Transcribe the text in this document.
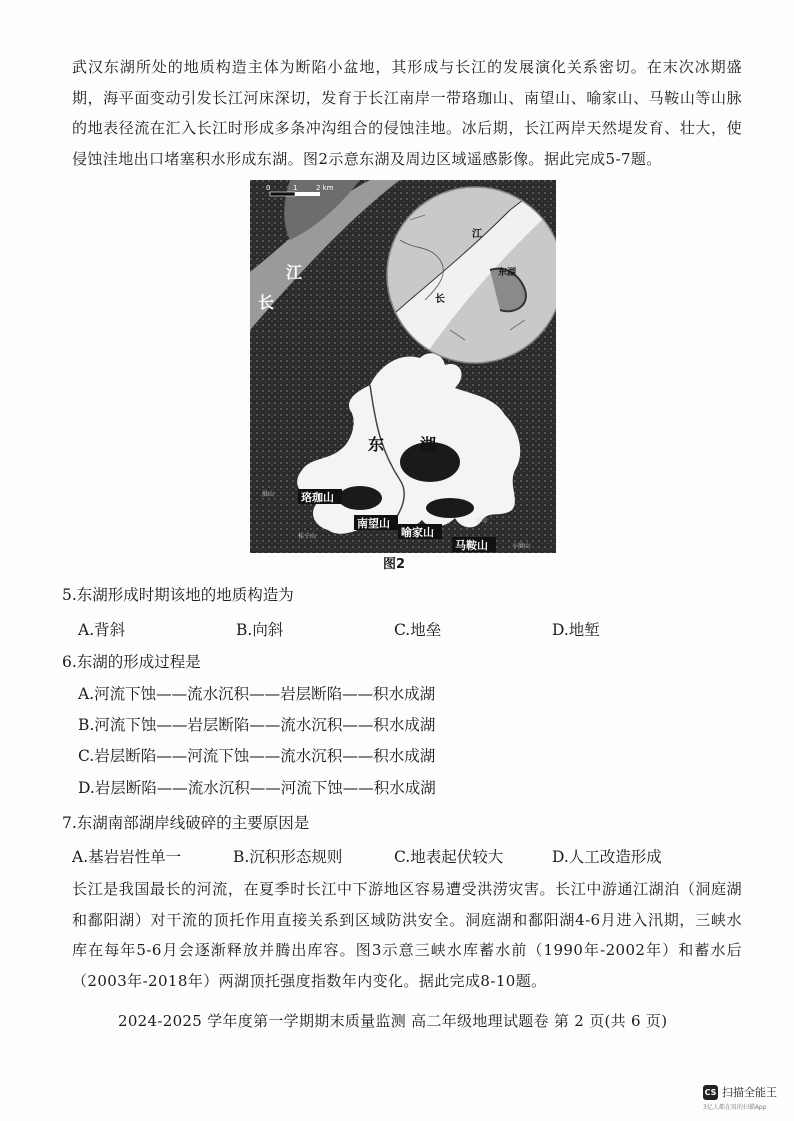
武汉东湖所处的地质构造主体为断陷小盆地，其形成与长江的发展演化关系密切。在末次冰期盛期，海平面变动引发长江河床深切，发育于长江南岸一带珞珈山、南望山、喻家山、马鞍山等山脉的地表径流在汇入长江时形成多条冲沟组合的侵蚀洼地。冰后期，长江两岸天然堤发育、壮大，使侵蚀洼地出口堵塞积水形成东湖。图2示意东湖及周边区域遥感影像。据此完成5-7题。

0	1	2 km
江
长
东 湖
珞珈山
南望山
喻家山
马鞍山
洪山
桂子山
磨山
小洪山
江
长
东湖
图2

5.东湖形成时期该地的地质构造为

A.背斜	B.向斜	C.地垒	D.地堑

6.东湖的形成过程是

A.河流下蚀——流水沉积——岩层断陷——积水成湖

B.河流下蚀——岩层断陷——流水沉积——积水成湖

C.岩层断陷——河流下蚀——流水沉积——积水成湖

D.岩层断陷——流水沉积——河流下蚀——积水成湖

7.东湖南部湖岸线破碎的主要原因是

A.基岩岩性单一	B.沉积形态规则	C.地表起伏较大	D.人工改造形成

长江是我国最长的河流，在夏季时长江中下游地区容易遭受洪涝灾害。长江中游通江湖泊（洞庭湖和鄱阳湖）对干流的顶托作用直接关系到区域防洪安全。洞庭湖和鄱阳湖4-6月进入汛期，三峡水库在每年5-6月会逐渐释放并腾出库容。图3示意三峡水库蓄水前（1990年-2002年）和蓄水后（2003年-2018年）两湖顶托强度指数年内变化。据此完成8-10题。

2024-2025 学年度第一学期期末质量监测 高二年级地理试题卷 第 2 页(共 6 页)
CS 扫描全能王
3亿人都在用的扫描App
